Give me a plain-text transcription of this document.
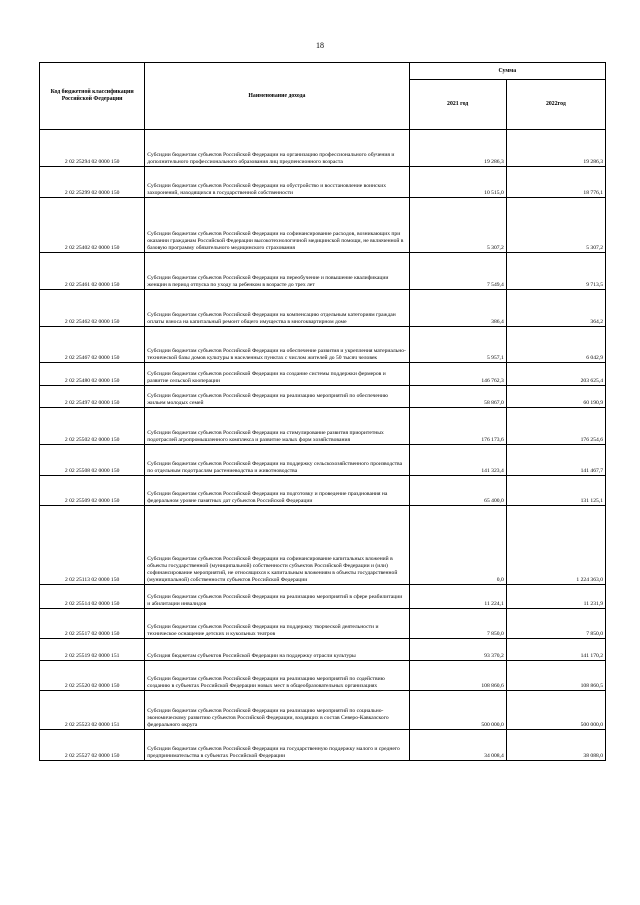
18
Код бюджетной классификации Российской Федерации	Наименование дохода	Сумма	
		2021 год	2022год
2 02 25294 02 0000 150	Субсидии бюджетам субъектов Российской Федерации на организацию профессионального обучения и дополнительного профессионального образования лиц предпенсионного возраста	19 286,3	19 286,3
2 02 25299 02 0000 150	Субсидии бюджетам субъектов Российской Федерации на обустройство и восстановление воинских захоронений, находящихся в государственной собственности	10 515,0	18 776,1
2 02 25402 02 0000 150	Субсидии бюджетам субъектов Российской Федерации на софинансирование расходов, возникающих при оказании гражданам Российской Федерации высокотехнологичной медицинской помощи, не включенной в базовую программу обязательного медицинского страхования	5 307,2	5 307,2
2 02 25461 02 0000 150	Субсидии бюджетам субъектов Российской Федерации на переобучение и повышение квалификации женщин в период отпуска по уходу за ребенком в возрасте до трех лет	7 549,4	9 713,5
2 02 25462 02 0000 150	Субсидии бюджетам субъектов Российской Федерации на компенсацию отдельным категориям граждан оплаты взноса на капитальный ремонт общего имущества в многоквартирном доме	386,4	364,2
2 02 25467 02 0000 150	Субсидии бюджетам субъектов Российской Федерации на обеспечение развития и укрепления материально-технической базы домов культуры в населенных пунктах с числом жителей до 50 тысяч человек	5 957,1	6 042,9
2 02 25480 02 0000 150	Субсидии бюджетам субъектов российской Федерации на создание системы поддержки фермеров и развитие сельской кооперации	146 762,3	203 625,4
2 02 25497 02 0000 150	Субсидии бюджетам субъектов Российской Федерации на реализацию мероприятий по обеспечению жильем молодых семей	58 867,0	60 190,9
2 02 25502 02 0000 150	Субсидии бюджетам субъектов Российской Федерации на стимулирование развития приоритетных подотраслей агропромышленного комплекса и развитие малых форм хозяйствования	176 173,6	176 254,6
2 02 25508 02 0000 150	Субсидии бюджетам субъектов Российской Федерации на поддержку сельскохозяйственного производства по отдельным подотраслям растениеводства и животноводства	141 323,4	141 467,7
2 02 25509 02 0000 150	Субсидии бюджетам субъектов Российской Федерации на подготовку и проведение празднования на федеральном уровне памятных дат субъектов Российской Федерации	65 400,0	131 125,1
2 02 25113 02 0000 150	Субсидии бюджетам субъектов Российской Федерации на софинансирование капитальных вложений в объекты государственной (муниципальной) собственности субъектов Российской Федерации и (или) софинансирование мероприятий, не относящихся к капитальным вложениям в объекты государственной (муниципальной) собственности субъектов Российской Федерации	0,0	1 224 363,0
2 02 25514 02 0000 150	Субсидии бюджетам субъектов Российской Федерации на реализацию мероприятий в сфере реабилитации и абилитации инвалидов	11 224,1	11 231,9
2 02 25517 02 0000 150	Субсидии бюджетам субъектов Российской Федерации на поддержку творческой деятельности и техническое оснащение детских и кукольных театров	7 850,0	7 850,0
2 02 25519 02 0000 151	Субсидия бюджетам субъектов Российской Федерации на поддержку отрасли культуры	93 370,2	141 170,2
2 02 25520 02 0000 150	Субсидии бюджетам субъектов Российской Федерации на реализацию мероприятий по содействию созданию в субъектах Российской Федерации новых мест в общеобразовательных организациях	108 860,6	108 860,5
2 02 25523 02 0000 151	Субсидии бюджетам субъектов Российской Федерации на реализацию мероприятий по социально-экономическому развитию субъектов Российской Федерации, входящих в состав Северо-Кавказского федерального округа	500 000,0	500 000,0
2 02 25527 02 0000 150	Субсидии бюджетам субъектов Российской Федерации на государственную поддержку малого и среднего предпринимательства в субъектах Российской Федерации	34 008,4	38 088,0
